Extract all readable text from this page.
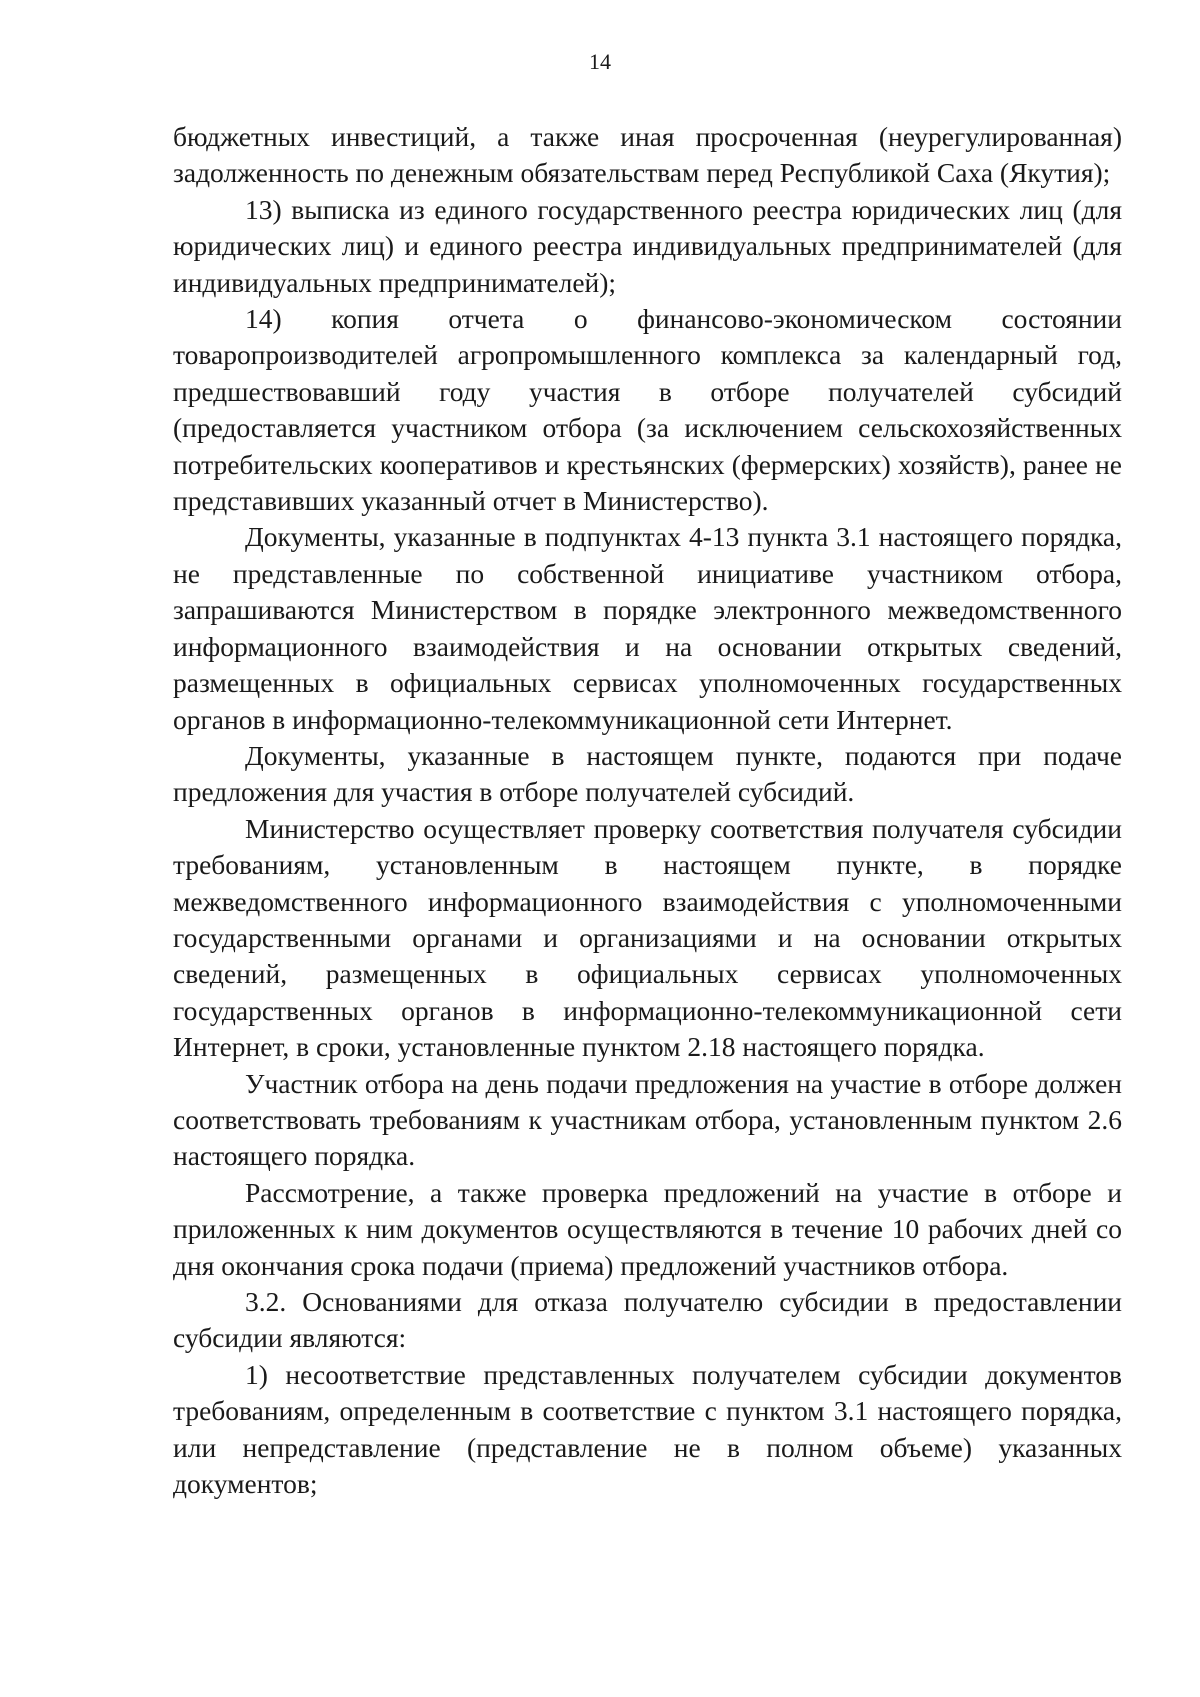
14

бюджетных инвестиций, а также иная просроченная (неурегулированная) задолженность по денежным обязательствам перед Республикой Саха (Якутия);

13) выписка из единого государственного реестра юридических лиц (для юридических лиц) и единого реестра индивидуальных предпринимателей (для индивидуальных предпринимателей);

14) копия отчета о финансово-экономическом состоянии товаропроизводителей агропромышленного комплекса за календарный год, предшествовавший году участия в отборе получателей субсидий (предоставляется участником отбора (за исключением сельскохозяйственных потребительских кооперативов и крестьянских (фермерских) хозяйств), ранее не представивших указанный отчет в Министерство).

Документы, указанные в подпунктах 4-13 пункта 3.1 настоящего порядка, не представленные по собственной инициативе участником отбора, запрашиваются Министерством в порядке электронного межведомственного информационного взаимодействия и на основании открытых сведений, размещенных в официальных сервисах уполномоченных государственных органов в информационно-телекоммуникационной сети Интернет.

Документы, указанные в настоящем пункте, подаются при подаче предложения для участия в отборе получателей субсидий.

Министерство осуществляет проверку соответствия получателя субсидии требованиям, установленным в настоящем пункте, в порядке межведомственного информационного взаимодействия с уполномоченными государственными органами и организациями и на основании открытых сведений, размещенных в официальных сервисах уполномоченных государственных органов в информационно-телекоммуникационной сети Интернет, в сроки, установленные пунктом 2.18 настоящего порядка.

Участник отбора на день подачи предложения на участие в отборе должен соответствовать требованиям к участникам отбора, установленным пунктом 2.6 настоящего порядка.

Рассмотрение, а также проверка предложений на участие в отборе и приложенных к ним документов осуществляются в течение 10 рабочих дней со дня окончания срока подачи (приема) предложений участников отбора.

3.2. Основаниями для отказа получателю субсидии в предоставлении субсидии являются:

1) несоответствие представленных получателем субсидии документов требованиям, определенным в соответствие с пунктом 3.1 настоящего порядка, или непредставление (представление не в полном объеме) указанных документов;
